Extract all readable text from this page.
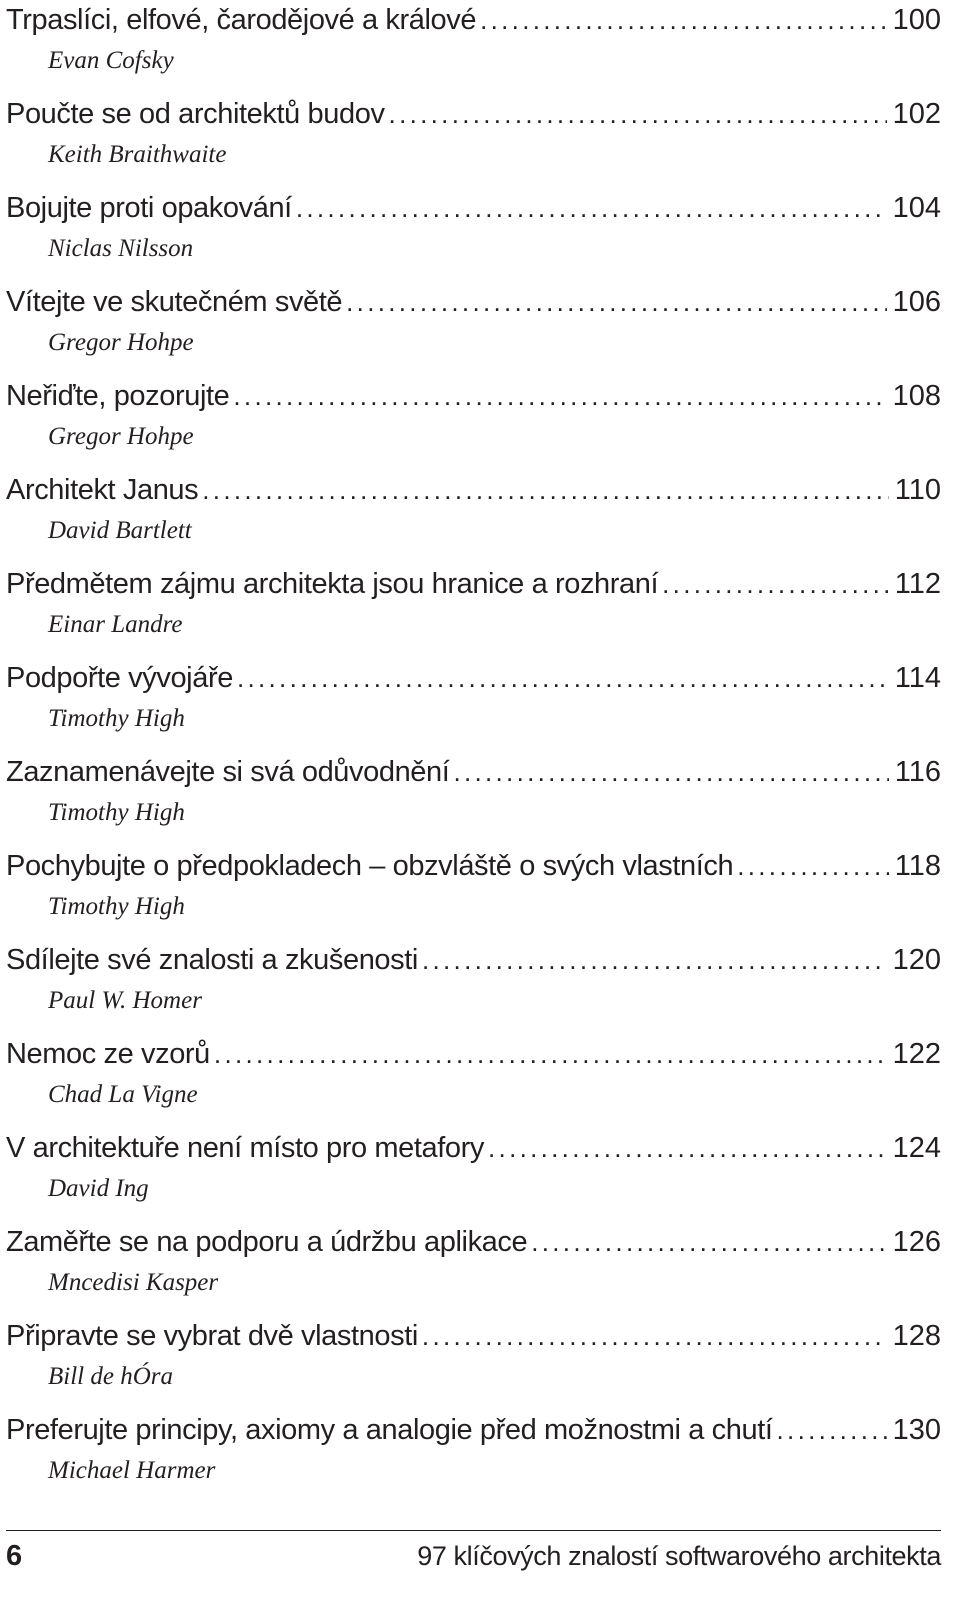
Trpaslíci, elfové, čarodějové a králové .....	100
Evan Cofsky
Poučte se od architektů budov .....	102
Keith Braithwaite
Bojujte proti opakování .....	104
Niclas Nilsson
Vítejte ve skutečném světě .....	106
Gregor Hohpe
Neřiďte, pozorujte .....	108
Gregor Hohpe
Architekt Janus .....	110
David Bartlett
Předmětem zájmu architekta jsou hranice a rozhraní .....	112
Einar Landre
Podpořte vývojáře .....	114
Timothy High
Zaznamenávejte si svá odůvodnění .....	116
Timothy High
Pochybujte o předpokladech – obzvláště o svých vlastních .....	118
Timothy High
Sdílejte své znalosti a zkušenosti .....	120
Paul W. Homer
Nemoc ze vzorů .....	122
Chad La Vigne
V architektuře není místo pro metafory .....	124
David Ing
Zaměřte se na podporu a údržbu aplikace .....	126
Mncedisi Kasper
Připravte se vybrat dvě vlastnosti .....	128
Bill de hÓra
Preferujte principy, axiomy a analogie před možnostmi a chutí .....	130
Michael Harmer
6	97 klíčových znalostí softwarového architekta
